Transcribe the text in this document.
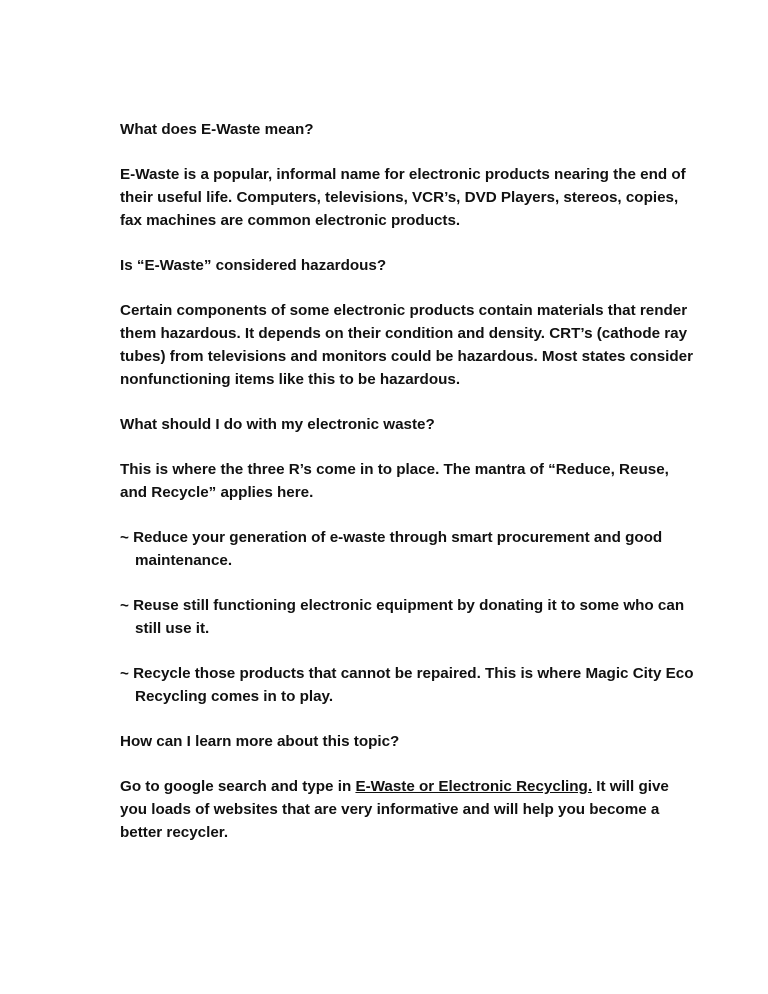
What does E-Waste mean?

E-Waste is a popular, informal name for electronic products nearing the end of their useful life. Computers, televisions, VCR’s, DVD Players, stereos, copies, fax machines are common electronic products.

Is “E-Waste” considered hazardous?

Certain components of some electronic products contain materials that render them hazardous. It depends on their condition and density. CRT’s (cathode ray tubes) from televisions and monitors could be hazardous. Most states consider nonfunctioning items like this to be hazardous.

What should I do with my electronic waste?

This is where the three R’s come in to place. The mantra of “Reduce, Reuse, and Recycle” applies here.

~ Reduce your generation of e-waste through smart procurement and good maintenance.

~ Reuse still functioning electronic equipment by donating it to some who can still use it.

~ Recycle those products that cannot be repaired. This is where Magic City Eco Recycling comes in to play.

How can I learn more about this topic?

Go to google search and type in E-Waste or Electronic Recycling. It will give you loads of websites that are very informative and will help you become a better recycler.
